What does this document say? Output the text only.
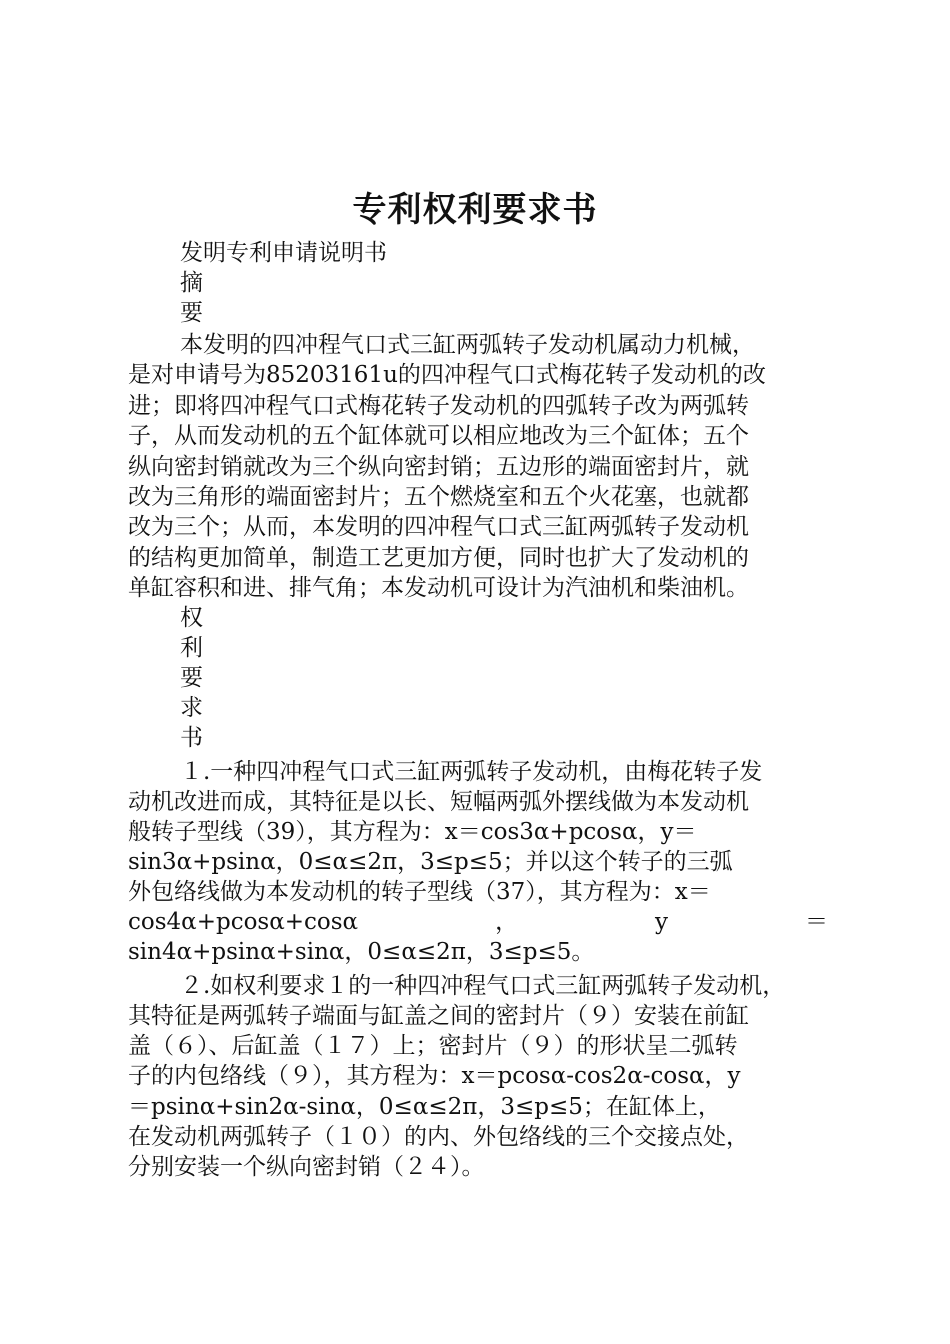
专利权利要求书
发明专利申请说明书
摘
要
本发明的四冲程气口式三缸两弧转子发动机属动力机械，
是对申请号为85203161u的四冲程气口式梅花转子发动机的改
进；即将四冲程气口式梅花转子发动机的四弧转子改为两弧转
子，从而发动机的五个缸体就可以相应地改为三个缸体；五个
纵向密封销就改为三个纵向密封销；五边形的端面密封片，就
改为三角形的端面密封片；五个燃烧室和五个火花塞，也就都
改为三个；从而，本发明的四冲程气口式三缸两弧转子发动机
的结构更加简单，制造工艺更加方便，同时也扩大了发动机的
单缸容积和进、排气角；本发动机可设计为汽油机和柴油机。
权
利
要
求
书
１.一种四冲程气口式三缸两弧转子发动机，由梅花转子发
动机改进而成，其特征是以长、短幅两弧外摆线做为本发动机
般转子型线（39），其方程为：x＝cos3α+pcosα，y＝
sin3α+psinα，0≤α≤2π，3≤p≤5；并以这个转子的三弧
外包络线做为本发动机的转子型线（37），其方程为：x＝
cos4α+pcosα+cosα	，	y	＝
sin4α+psinα+sinα，0≤α≤2π，3≤p≤5。
２.如权利要求１的一种四冲程气口式三缸两弧转子发动机，
其特征是两弧转子端面与缸盖之间的密封片（９）安装在前缸
盖（６）、后缸盖（１７）上；密封片（９）的形状呈二弧转
子的内包络线（９），其方程为：x＝pcosα-cos2α-cosα，y
＝psinα+sin2α-sinα，0≤α≤2π，3≤p≤5；在缸体上，
在发动机两弧转子（１０）的内、外包络线的三个交接点处，
分别安装一个纵向密封销（２４）。
